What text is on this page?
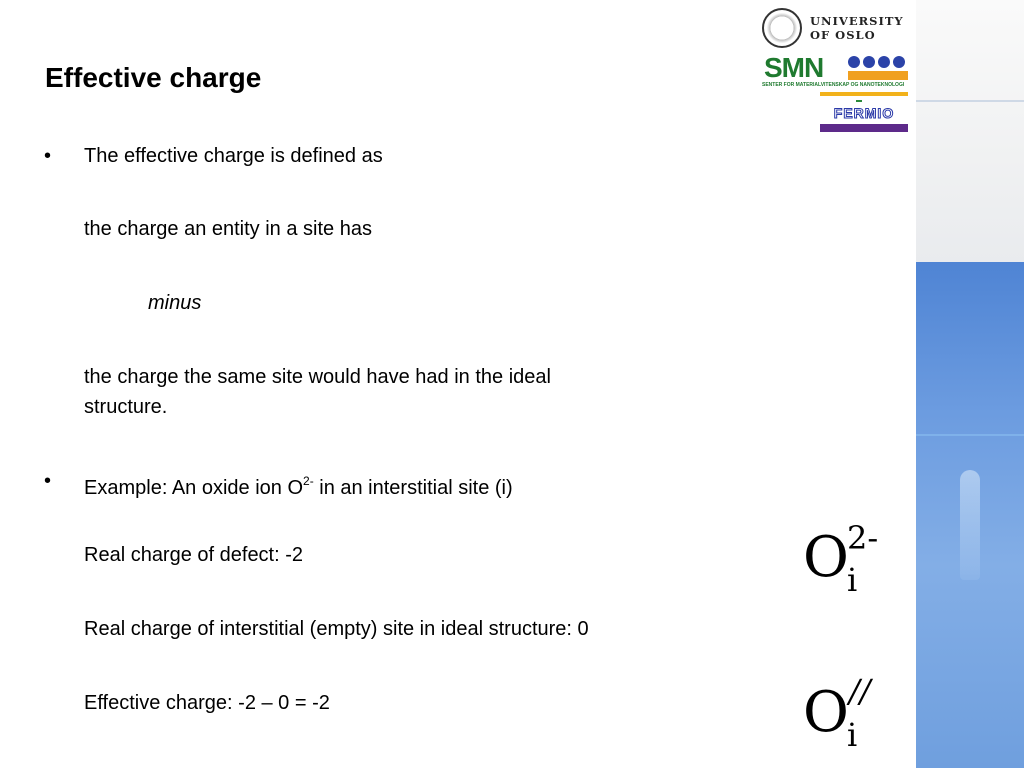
UNIVERSITY
OF OSLO
SMN
SENTER FOR MATERIALVITENSKAP OG NANOTEKNOLOGI
FERMIO
Effective charge
• The effective charge is defined as
the charge an entity in a site has
minus
the charge the same site would have had in the ideal
structure.
• Example: An oxide ion $O^{2-}$ in an interstitial site (i)
Real charge of defect: -2
Real charge of interstitial (empty) site in ideal structure: 0
Effective charge: -2 – 0 = -2
O
2-
i
O //
i
